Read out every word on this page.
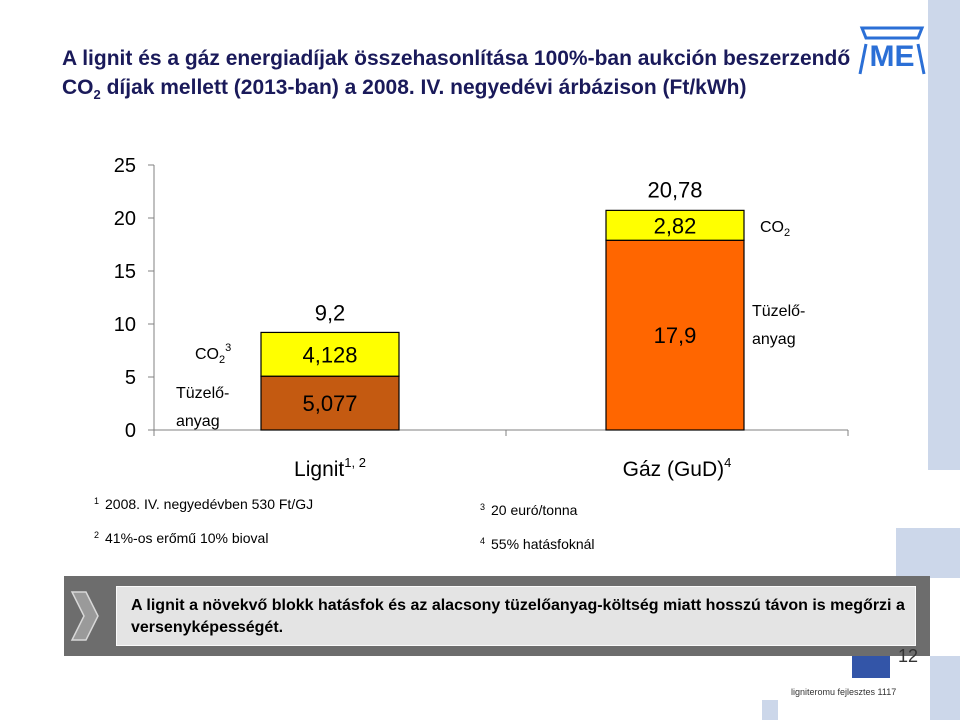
A lignit és a gáz energiadíjak összehasonlítása 100%-ban aukción beszerzendő $CO_2$ díjak mellett (2013-ban) a 2008. IV. negyedévi árbázison (Ft/kWh)
ME
0
5
10
15
20
25
5,077
4,128
9,2
Lignit$^{1, 2}$
17,9
2,82
20,78
Gáz (GuD)$^4$
$CO_2^3$
Tüzelő-
anyag
$CO_2$
Tüzelő-
anyag
$^1$ 2008. IV. negyedévben 530 Ft/GJ
$^2$ 41%-os erőmű 10% bioval
$^3$ 20 euró/tonna
$^4$ 55% hatásfoknál
A lignit a növekvő blokk hatásfok és az alacsony tüzelőanyag-költség miatt hosszú távon is megőrzi a versenyképességét.
12
ligniteromu fejlesztes 1117
